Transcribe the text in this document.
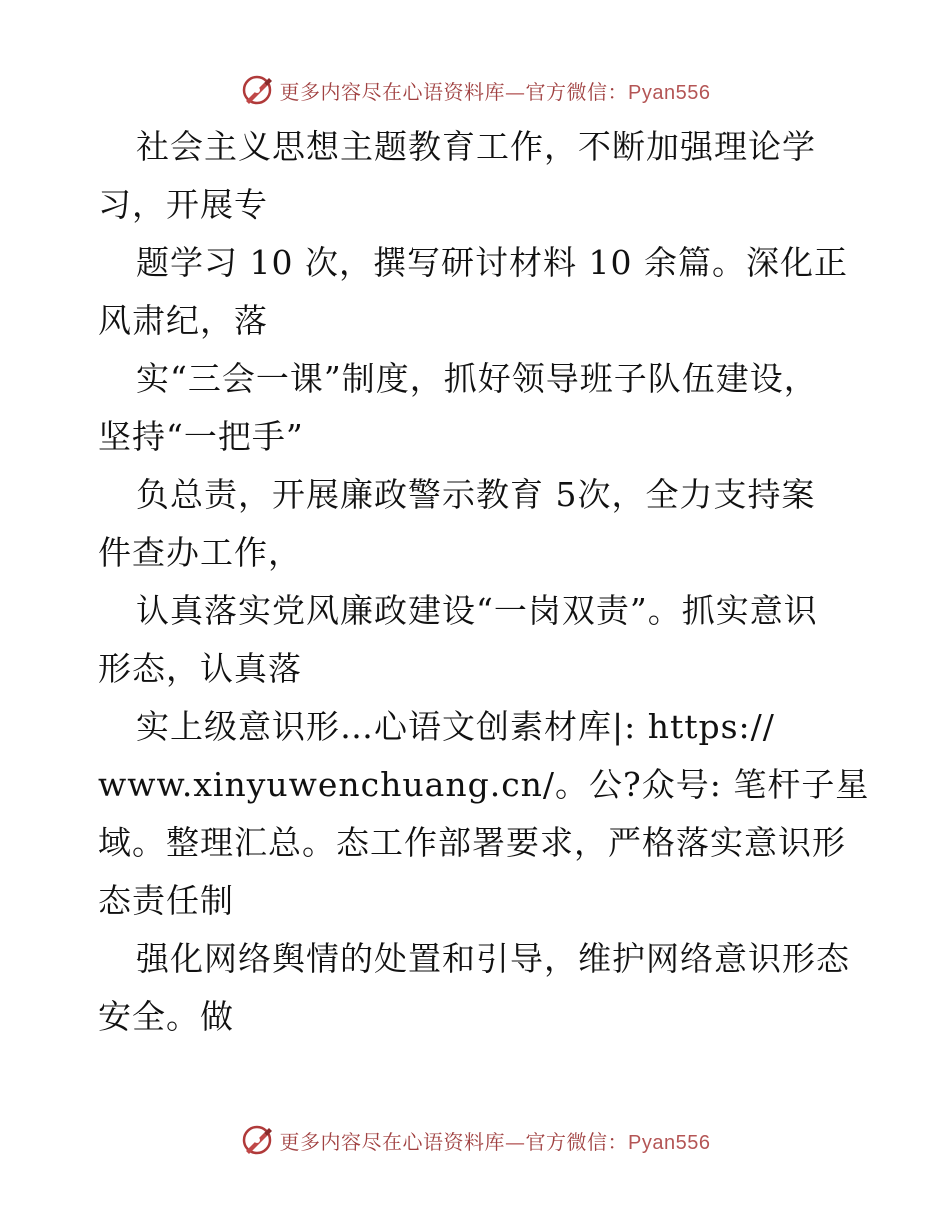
更多内容尽在心语资料库—官方微信：Pyan556
社会主义思想主题教育工作，不断加强理论学
习，开展专
题学习 10 次，撰写研讨材料 10 余篇。深化正
风肃纪，落
实“三会一课”制度，抓好领导班子队伍建设，
坚持“一把手”
负总责，开展廉政警示教育 5次，全力支持案
件查办工作，
认真落实党风廉政建设“一岗双责”。抓实意识
形态，认真落
实上级意识形…心语文创素材库|: https://
www.xinyuwenchuang.cn/。公?众号: 笔杆子星
域。整理汇总。态工作部署要求，严格落实意识形
态责任制
强化网络舆情的处置和引导，维护网络意识形态
安全。做
更多内容尽在心语资料库—官方微信：Pyan556
